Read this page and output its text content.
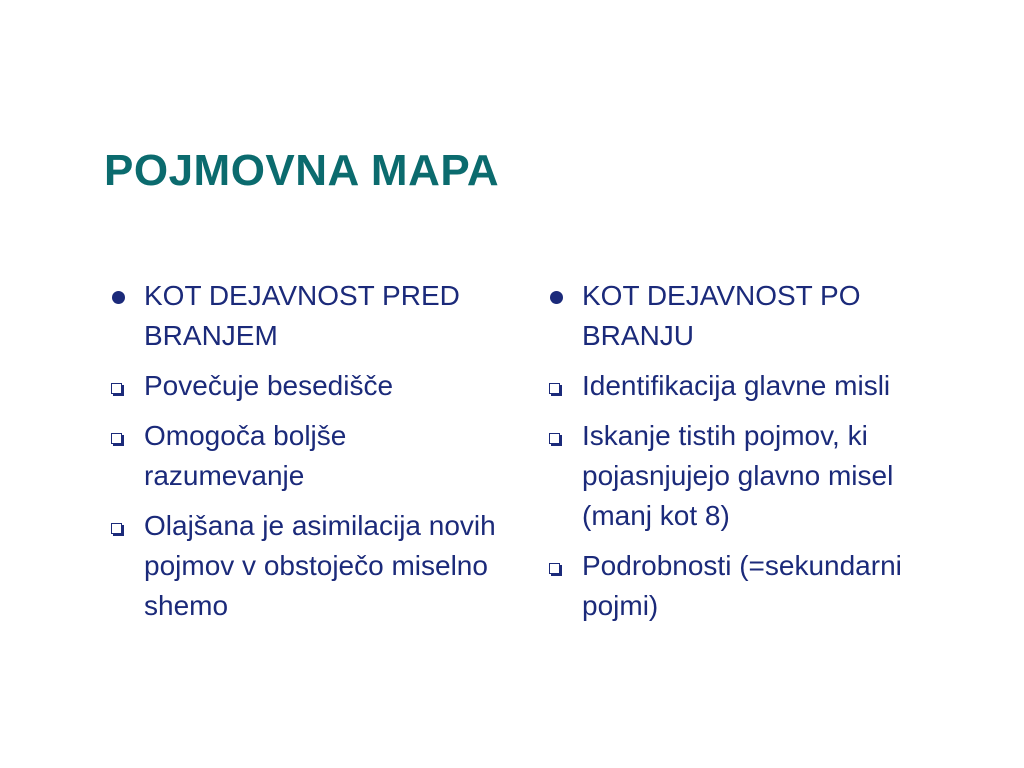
POJMOVNA MAPA
KOT DEJAVNOST PRED BRANJEM
Povečuje besedišče
Omogoča boljše razumevanje
Olajšana je asimilacija novih pojmov v obstoječo miselno shemo
KOT DEJAVNOST PO BRANJU
Identifikacija glavne misli
Iskanje tistih pojmov, ki pojasnjujejo glavno misel (manj kot 8)
Podrobnosti (=sekundarni pojmi)
